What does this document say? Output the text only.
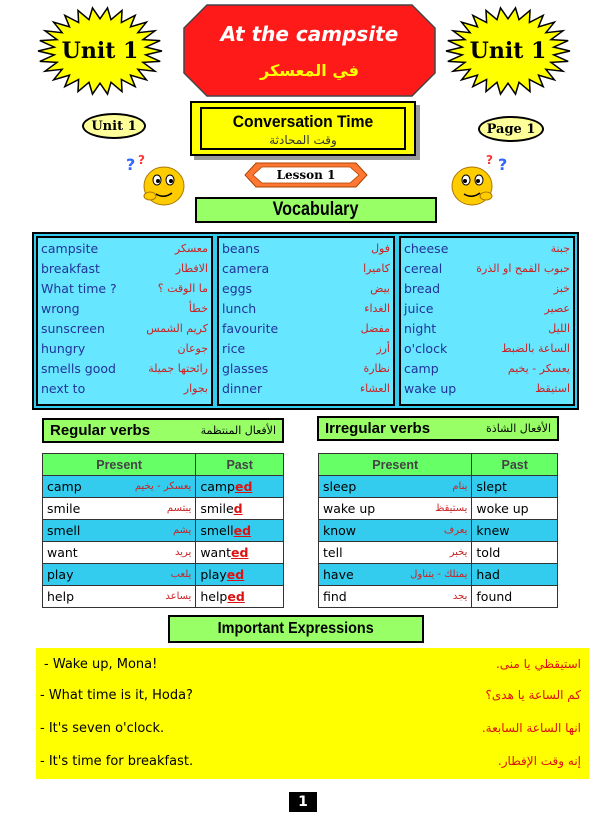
Unit 1	Unit 1
At the campsite
في المعسكر
Unit 1	Page 1
Conversation Time
وقت المحادثة
? ?	?
?
Lesson 1
Vocabulary
campsite	معسكر
breakfast	الافطار
What time ?	ما الوقت ؟
wrong	خطأ
sunscreen	كريم الشمس
hungry	جوعان
smells good	رائحتها جميلة
next to	بجوار
beans	فول
camera	كاميرا
eggs	بيض
lunch	الغداء
favourite	مفضل
rice	أرز
glasses	نظارة
dinner	العشاء
cheese	جبنة
cereal	حبوب القمح او الذرة
bread	خبز
juice	عصير
night	الليل
o'clock	الساعة بالضبط
camp	يعسكر - يخيم
wake up	استيقظ
Regular verbs	الأفعال المنتظمة	Irregular verbs	الأفعال الشاذة
Present	Past

camp يعسكر - يخيم	camped

smile يبتسم	smiled

smell يشم	smelled

want يريد	wanted

play يلعب	played

help يساعد	helped
Present	Past

sleep ينام	slept

wake up يستيقظ	woke up

know يعرف	knew

tell يخبر	told

have يمتلك - يتناول	had

find يجد	found
Important Expressions
- Wake up, Mona!	استيقظي يا منى.
- What time is it, Hoda?	كم الساعة يا هدى؟
- It's seven o'clock.	انها الساعة السابعة.
- It's time for breakfast.	إنه وقت الإفطار.
1
